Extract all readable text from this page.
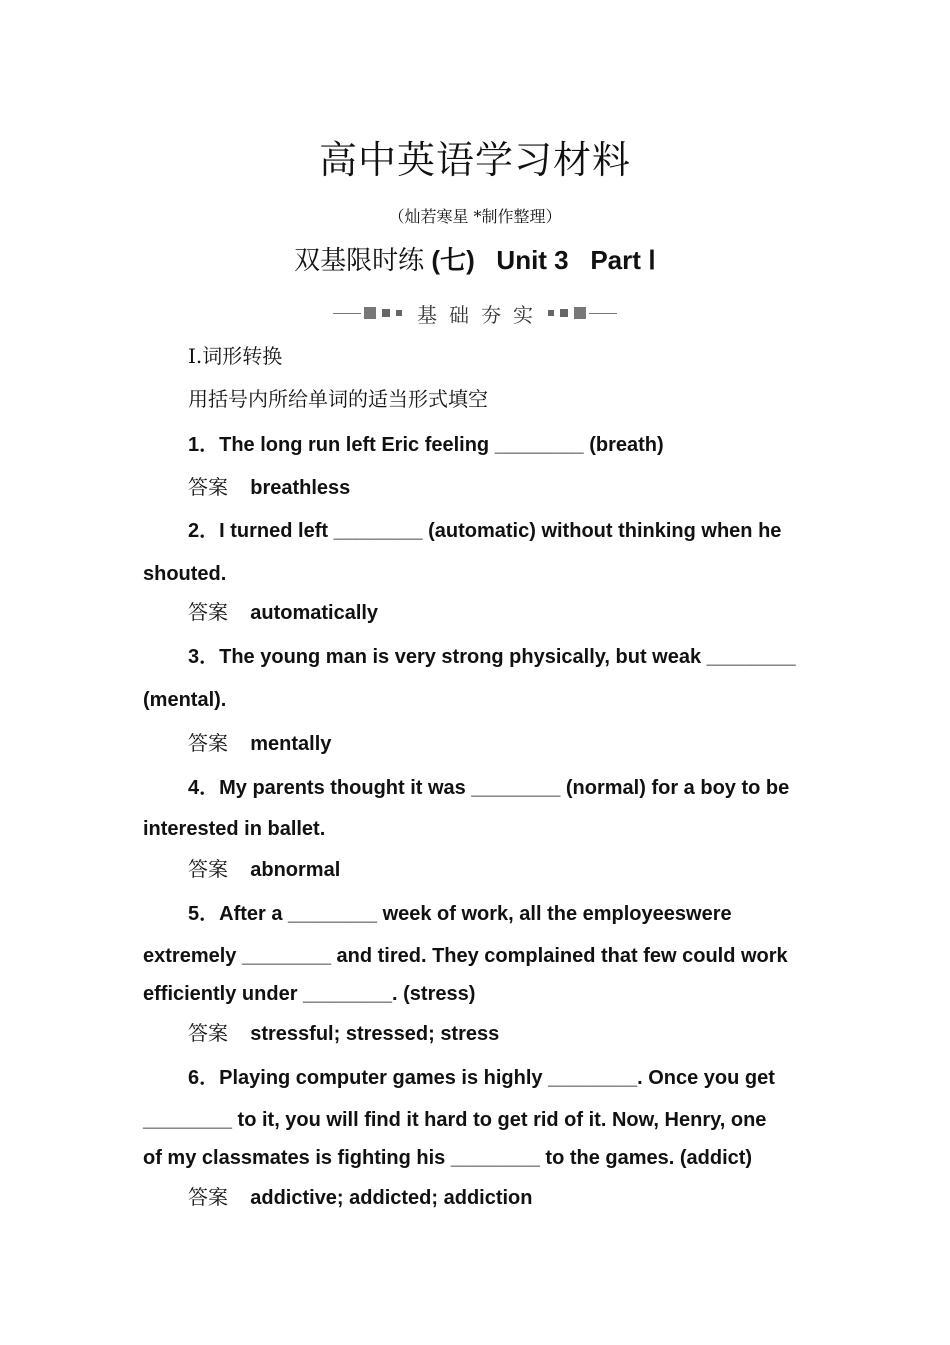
高中英语学习材料
（灿若寒星 *制作整理）
双基限时练 (七) Unit 3 Part Ⅰ
基础夯实
Ⅰ.词形转换
用括号内所给单词的适当形式填空
1．The long run left Eric feeling ________ (breath)
答案 breathless
2．I turned left ________ (automatic) without thinking when he
shouted.
答案 automatically
3．The young man is very strong physically, but weak ________
(mental).
答案 mentally
4．My parents thought it was ________ (normal) for a boy to be
interested in ballet.
答案 abnormal
5．After a ________ week of work, all the employeeswere
extremely ________ and tired. They complained that few could work
efficiently under ________. (stress)
答案 stressful; stressed; stress
6．Playing computer games is highly ________. Once you get
________ to it, you will find it hard to get rid of it. Now, Henry, one
of my classmates is fighting his ________ to the games. (addict)
答案 addictive; addicted; addiction
